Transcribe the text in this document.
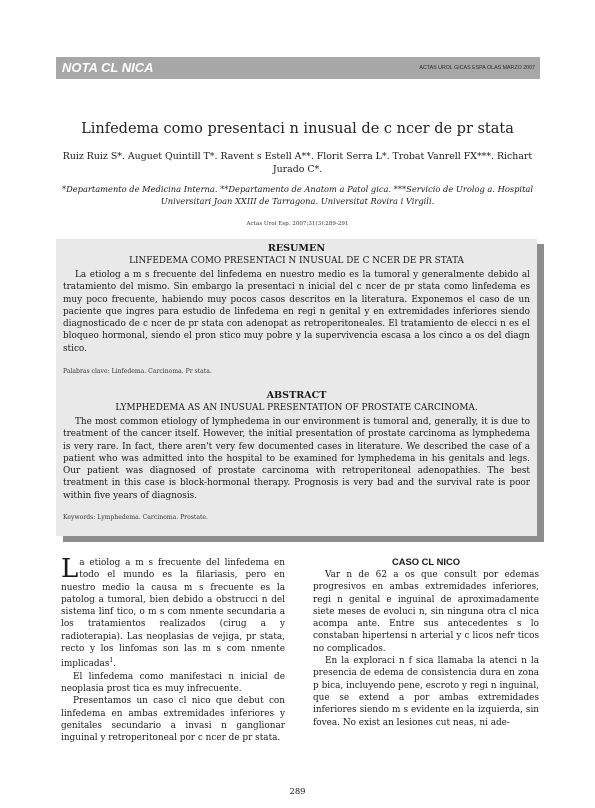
NOTA CL NICA	ACTAS UROL GICAS ESPA OLAS MARZO 2007
Linfedema como presentaci n inusual de c ncer de pr stata
Ruiz Ruiz S*. Auguet Quintill T*. Ravent s Estell A**. Florit Serra L*. Trobat Vanrell FX***. Richart Jurado C*.
*Departamento de Medicina Interna. **Departamento de Anatom a Patol gica. ***Servicio de Urolog a. Hospital Universitari Joan XXIII de Tarragona. Universitat Rovira i Virgili.
Actas Urol Esp. 2007;31(3):289-291
RESUMEN
LINFEDEMA COMO PRESENTACI N INUSUAL DE C NCER DE PR STATA

La etiolog a m s frecuente del linfedema en nuestro medio es la tumoral y generalmente debido al tratamiento del mismo. Sin embargo la presentaci n inicial del c ncer de pr stata como linfedema es muy poco frecuente, habiendo muy pocos casos descritos en la literatura. Exponemos el caso de un paciente que ingres para estudio de linfedema en regi n genital y en extremidades inferiores siendo diagnosticado de c ncer de pr stata con adenopat as retroperitoneales. El tratamiento de elecci n es el bloqueo hormonal, siendo el pron stico muy pobre y la supervivencia escasa a los cinco a os del diagn stico.

Palabras clave: Linfedema. Carcinoma. Pr stata.
ABSTRACT
LYMPHEDEMA AS AN INUSUAL PRESENTATION OF PROSTATE CARCINOMA.

The most common etiology of lymphedema in our environment is tumoral and, generally, it is due to treatment of the cancer itself. However, the initial presentation of prostate carcinoma as lymphedema is very rare. In fact, there aren't very few documented cases in literature. We described the case of a patient who was admitted into the hospital to be examined for lymphedema in his genitals and legs. Our patient was diagnosed of prostate carcinoma with retroperitoneal adenopathies. The best treatment in this case is block-hormonal therapy. Prognosis is very bad and the survival rate is poor within five years of diagnosis.

Keywords: Lymphedema. Carcinoma. Prostate.

La etiolog a m s frecuente del linfedema en todo el mundo es la filariasis, pero en nuestro medio la causa m s frecuente es la patolog a tumoral, bien debido a obstrucci n del sistema linf tico, o m s com nmente secundaria a los tratamientos realizados (cirug a y radioterapia). Las neoplasias de vejiga, pr stata, recto y los linfomas son las m s com nmente implicadas$^1$.

El linfedema como manifestaci n inicial de neoplasia prost tica es muy infrecuente.

Presentamos un caso cl nico que debut con linfedema en ambas extremidades inferiores y genitales secundario a invasi n ganglionar inguinal y retroperitoneal por c ncer de pr stata.

CASO CL NICO

Var n de 62 a os que consult por edemas progresivos en ambas extremidades inferiores, regi n genital e inguinal de aproximadamente siete meses de evoluci n, sin ninguna otra cl nica acompa ante. Entre sus antecedentes s lo constaban hipertensi n arterial y c licos nefr ticos no complicados.

En la exploraci n f sica llamaba la atenci n la presencia de edema de consistencia dura en zona p bica, incluyendo pene, escroto y regi n inguinal, que se extend a por ambas extremidades inferiores siendo m s evidente en la izquierda, sin fovea. No exist an lesiones cut neas, ni ade-

289
